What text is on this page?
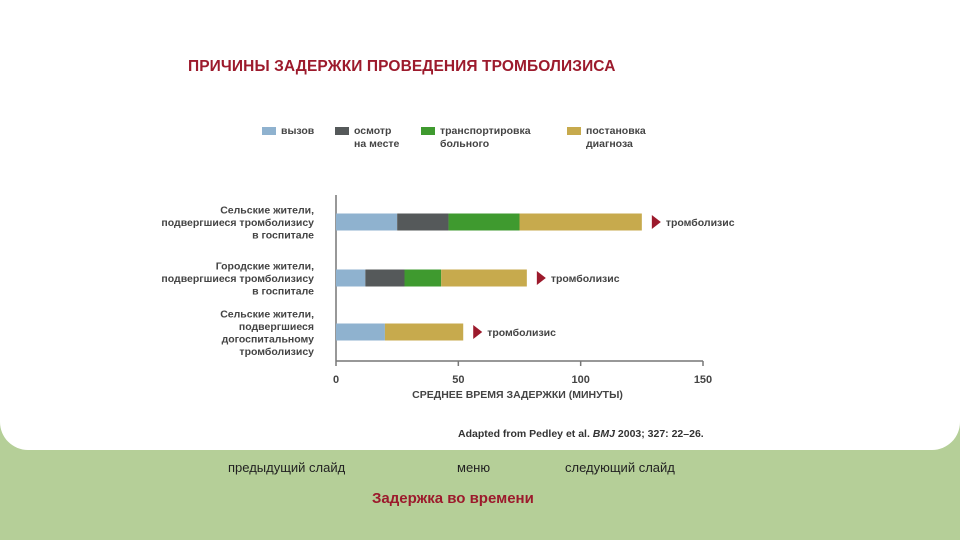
ПРИЧИНЫ ЗАДЕРЖКИ ПРОВЕДЕНИЯ ТРОМБОЛИЗИСА
вызов	осмотр
на месте
транспортировка
больного
постановка
диагноза
0	50	100	150
СРЕДНЕЕ ВРЕМЯ ЗАДЕРЖКИ (МИНУТЫ)
тромболизис
Сельские жители, подвергшиеся тромболизису в госпитале
тромболизис
Городские жители, подвергшиеся тромболизису в госпитале
тромболизис
Сельские жители, подвергшиеся догоспитальному тромболизису
Adapted from Pedley et al. BMJ 2003; 327: 22–26.
предыдущий слайд	меню	следующий слайд
Задержка во времени
